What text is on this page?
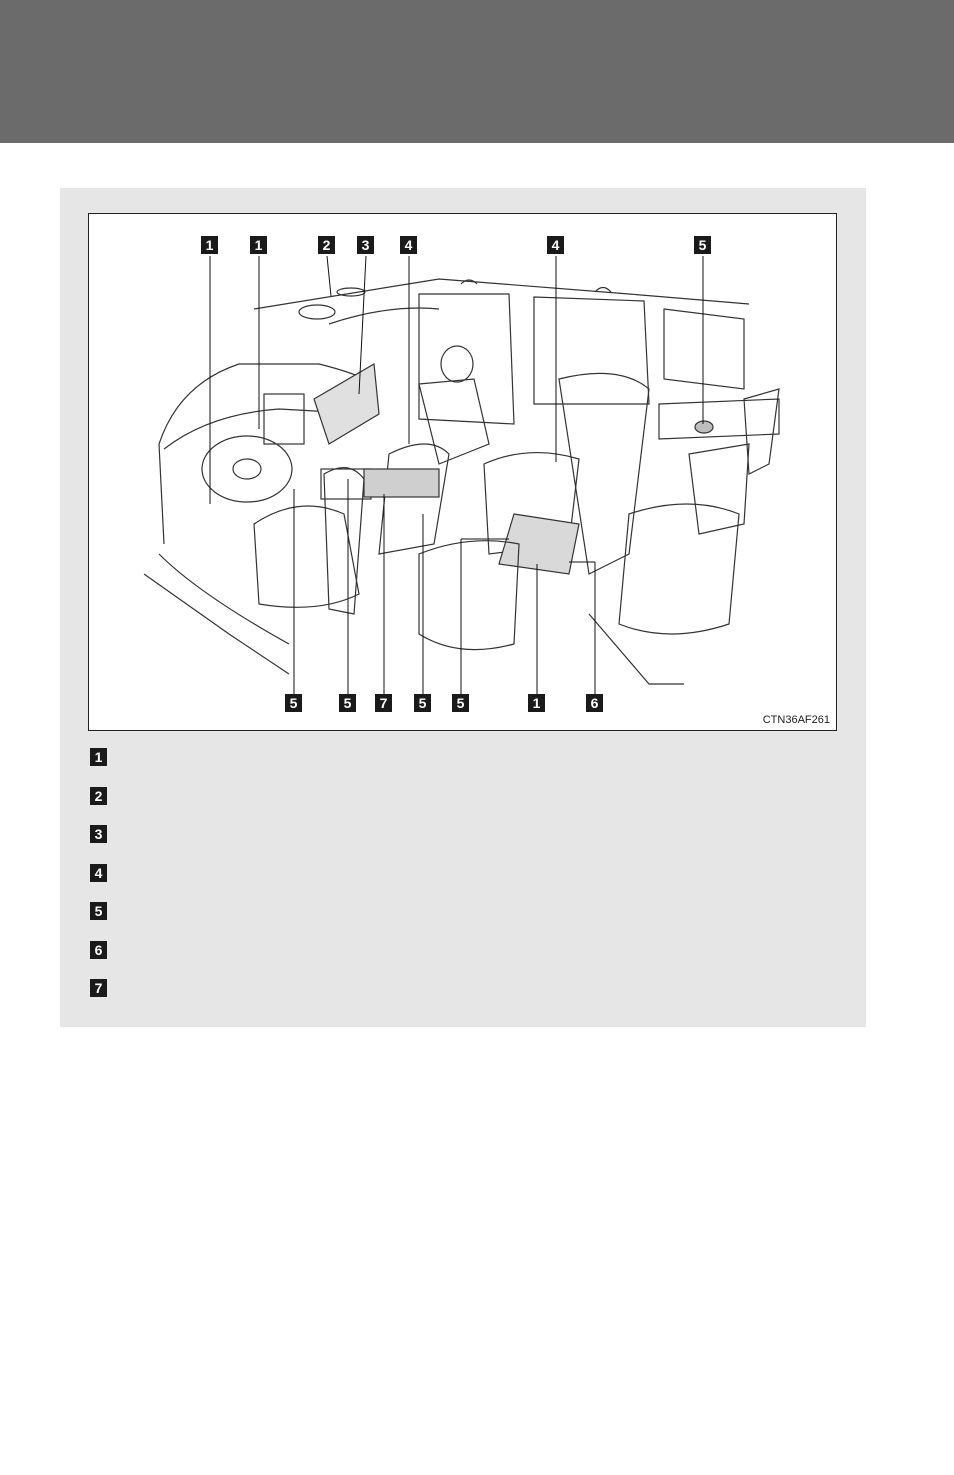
1	1	2	3	4	4	5
5	5	7	5	5	1	6
CTN36AF261
1
2
3
4
5
6
7
